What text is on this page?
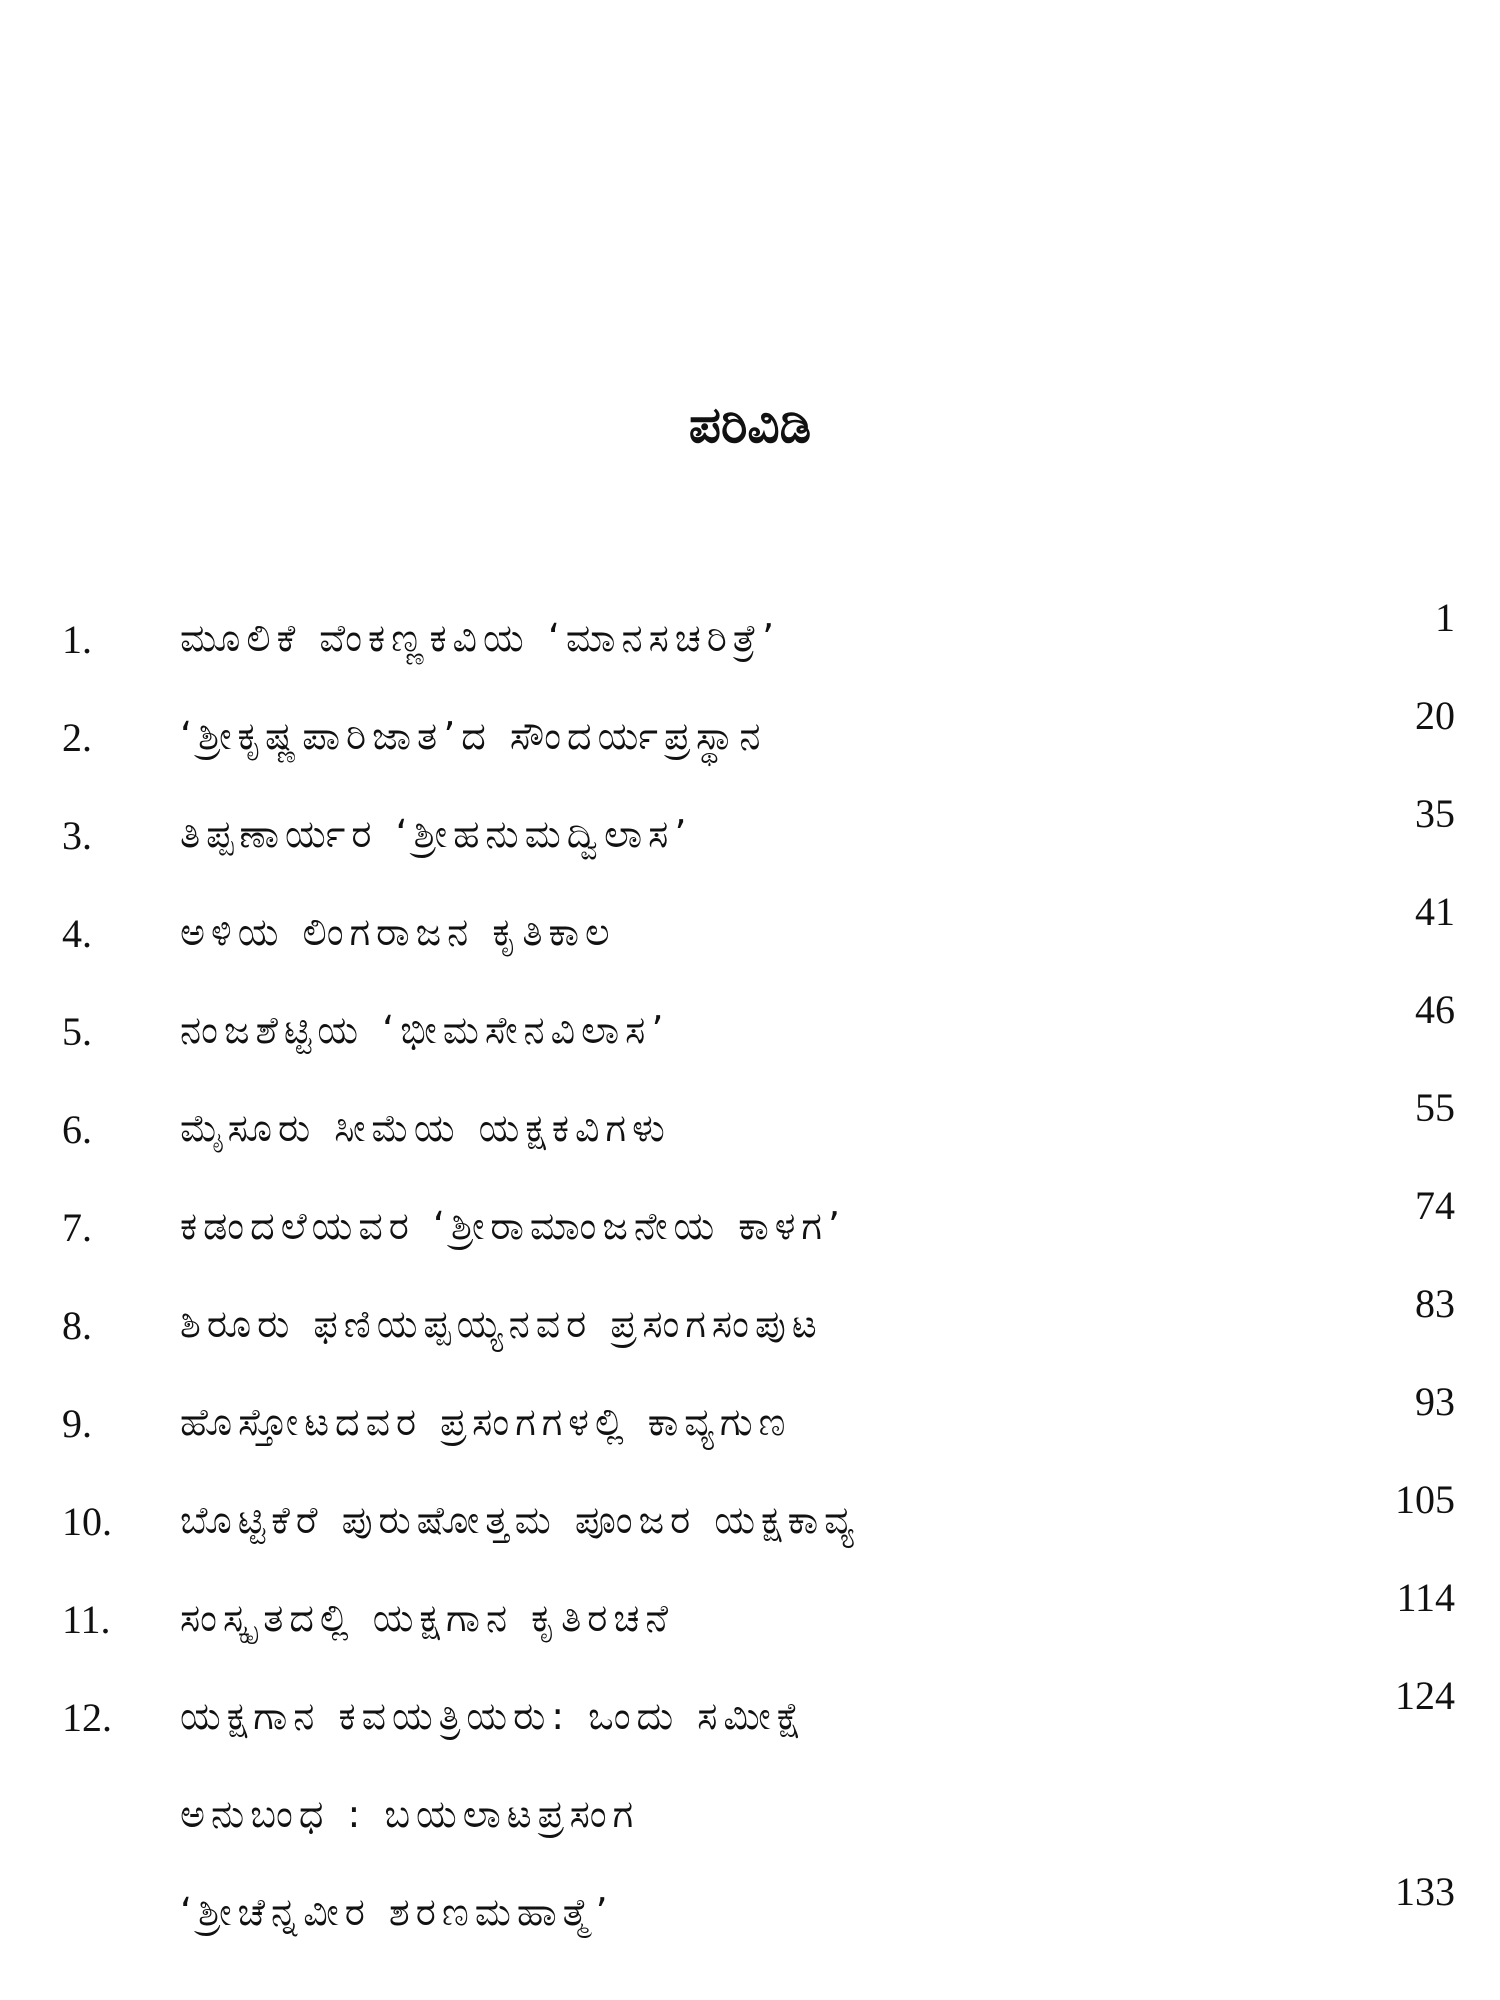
ಪರಿವಿಡಿ
1. ಮೂಲಿಕೆ ವೆಂಕಣ್ಣಕವಿಯ ‘ಮಾನಸಚರಿತ್ರೆ’	1
2. ‘ಶ್ರೀಕೃಷ್ಣಪಾರಿಜಾತ’ದ ಸೌಂದರ್ಯಪ್ರಸ್ಥಾನ	20
3. ತಿಪ್ಪಣಾರ್ಯರ ‘ಶ್ರೀಹನುಮದ್ವಿಲಾಸ’	35
4. ಅಳಿಯ ಲಿಂಗರಾಜನ ಕೃತಿಕಾಲ	41
5. ನಂಜಶೆಟ್ಟಿಯ ‘ಭೀಮಸೇನವಿಲಾಸ’	46
6. ಮೈಸೂರು ಸೀಮೆಯ ಯಕ್ಷಕವಿಗಳು	55
7. ಕಡಂದಲೆಯವರ ‘ಶ್ರೀರಾಮಾಂಜನೇಯ ಕಾಳಗ’	74
8. ಶಿರೂರು ಫಣಿಯಪ್ಪಯ್ಯನವರ ಪ್ರಸಂಗಸಂಪುಟ	83
9. ಹೊಸ್ತೋಟದವರ ಪ್ರಸಂಗಗಳಲ್ಲಿ ಕಾವ್ಯಗುಣ	93
10. ಬೊಟ್ಟಿಕೆರೆ ಪುರುಷೋತ್ತಮ ಪೂಂಜರ ಯಕ್ಷಕಾವ್ಯ	105
11. ಸಂಸ್ಕೃತದಲ್ಲಿ ಯಕ್ಷಗಾನ ಕೃತಿರಚನೆ	114
12. ಯಕ್ಷಗಾನ ಕವಯತ್ರಿಯರು: ಒಂದು ಸಮೀಕ್ಷೆ	124
ಅನುಬಂಧ : ಬಯಲಾಟಪ್ರಸಂಗ
‘ಶ್ರೀಚೆನ್ನವೀರ ಶರಣಮಹಾತ್ಮೆ’	133
